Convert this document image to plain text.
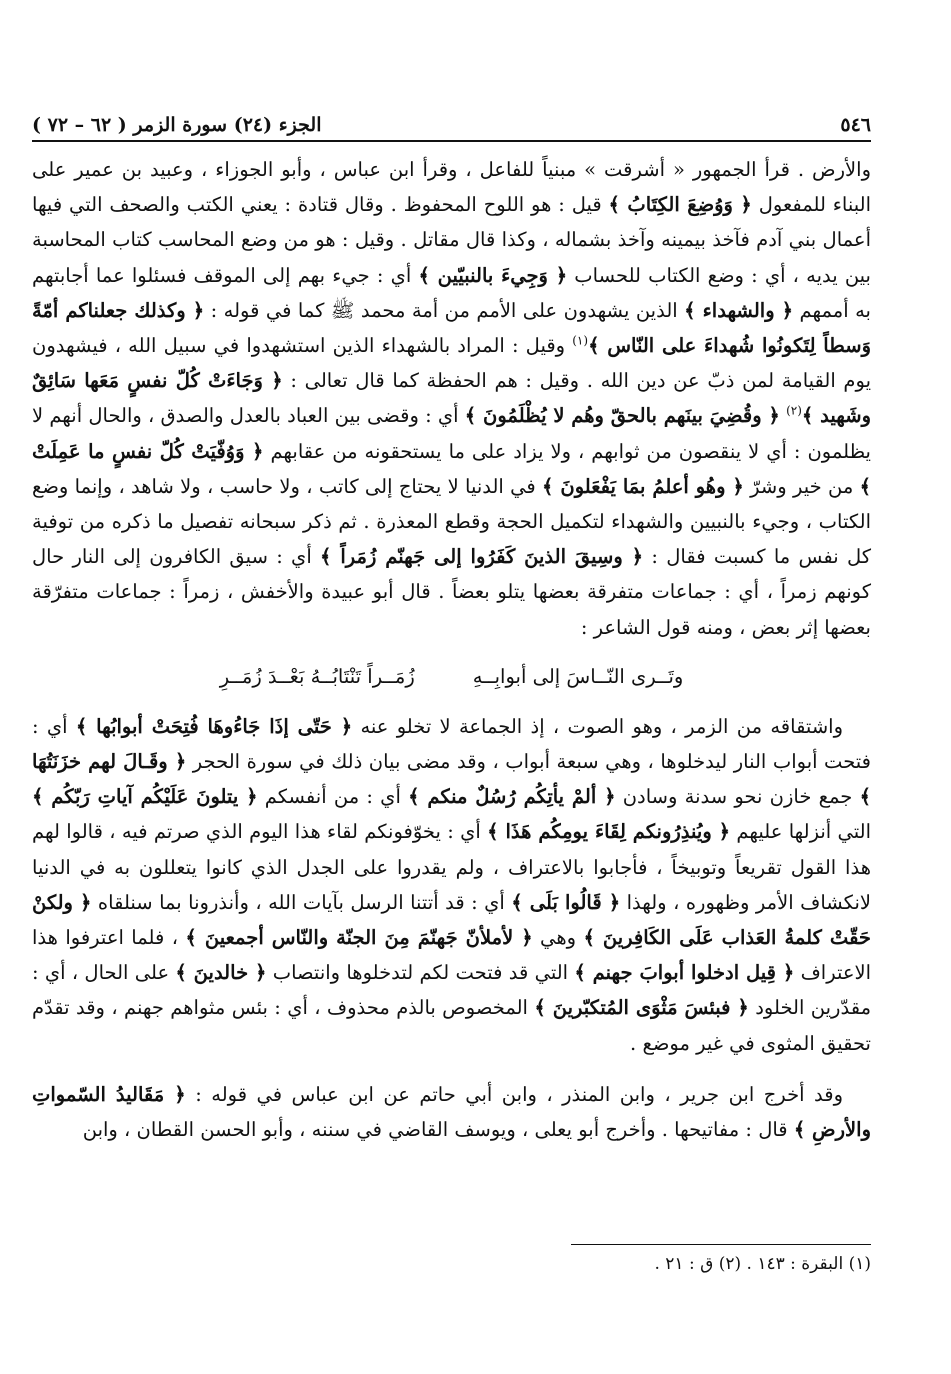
٥٤٦
الجزء (٢٤) سورة الزمر ( ٦٢ – ٧٢ )

والأرض . قرأ الجمهور « أشرقت » مبنياً للفاعل ، وقرأ ابن عباس ، وأبو الجوزاء ، وعبيد بن عمير على البناء للمفعول ﴿ وَوُضِعَ الكِتَابُ ﴾ قيل : هو اللوح المحفوظ . وقال قتادة : يعني الكتب والصحف التي فيها أعمال بني آدم فآخذ بيمينه وآخذ بشماله ، وكذا قال مقاتل . وقيل : هو من وضع المحاسب كتاب المحاسبة بين يديه ، أي : وضع الكتاب للحساب ﴿ وَجِيءَ بالنبيّين ﴾ أي : جيء بهم إلى الموقف فسئلوا عما أجابتهم به أممهم ﴿ والشهداء ﴾ الذين يشهدون على الأمم من أمة محمد ﷺ كما في قوله : ﴿ وكذلك جعلناكم أمّةً وَسطاً لِتَكونُوا شُهداءَ على النّاس ﴾$^{(١)}$ وقيل : المراد بالشهداء الذين استشهدوا في سبيل الله ، فيشهدون يوم القيامة لمن ذبّ عن دين الله . وقيل : هم الحفظة كما قال تعالى : ﴿ وَجَاءَتْ كُلّ نفسٍ مَعَها سَائِقٌ وشَهيد ﴾$^{(٢)}$ ﴿ وقُضِيَ بينَهم بالحقّ وهُم لا يُظْلَمُونَ ﴾ أي : وقضى بين العباد بالعدل والصدق ، والحال أنهم لا يظلمون : أي لا ينقصون من ثوابهم ، ولا يزاد على ما يستحقونه من عقابهم ﴿ وَوُفّيَتْ كُلّ نفسٍ ما عَمِلَتْ ﴾ من خير وشرّ ﴿ وهُو أعلمُ بمَا يَفْعَلونَ ﴾ في الدنيا لا يحتاج إلى كاتب ، ولا حاسب ، ولا شاهد ، وإنما وضع الكتاب ، وجيء بالنبيين والشهداء لتكميل الحجة وقطع المعذرة . ثم ذكر سبحانه تفصيل ما ذكره من توفية كل نفس ما كسبت فقال : ﴿ وسِيقَ الذينَ كَفَرُوا إلى جَهنّم زُمَراً ﴾ أي : سيق الكافرون إلى النار حال كونهم زمراً ، أي : جماعات متفرقة بعضها يتلو بعضاً . قال أبو عبيدة والأخفش ، زمراً : جماعات متفرّقة بعضها إثر بعض ، ومنه قول الشاعر :

وتَــرى النّــاسَ إلى أبوابِــهِ
زُمَــراً تَنْتَابُــهُ بَعْــدَ زُمَــرِ

واشتقاقه من الزمر ، وهو الصوت ، إذ الجماعة لا تخلو عنه ﴿ حَتّى إذَا جَاءُوهَا فُتِحَتْ أبوابُها ﴾ أي : فتحت أبواب النار ليدخلوها ، وهي سبعة أبواب ، وقد مضى بيان ذلك في سورة الحجر ﴿ وقَـالَ لهم خزَنَتُهَا ﴾ جمع خازن نحو سدنة وسادن ﴿ ألمْ يأتِكُم رُسُلٌ منكم ﴾ أي : من أنفسكم ﴿ يتلونَ عَلَيْكُم آياتِ رَبّكُم ﴾ التي أنزلها عليهم ﴿ ويُنذِرُونكم لِقَاءَ يومِكُم هَذَا ﴾ أي : يخوّفونكم لقاء هذا اليوم الذي صرتم فيه ، قالوا لهم هذا القول تقريعاً وتوبيخاً ، فأجابوا بالاعتراف ، ولم يقدروا على الجدل الذي كانوا يتعللون به في الدنيا لانكشاف الأمر وظهوره ، ولهذا ﴿ قَالُوا بَلَى ﴾ أي : قد أتتنا الرسل بآيات الله ، وأنذرونا بما سنلقاه ﴿ ولكنْ حَقّتْ كلمةُ العَذاب عَلَى الكَافِرينَ ﴾ وهي ﴿ لأملأنّ جَهنّمَ مِنَ الجنّة والنّاس أجمعينَ ﴾ ، فلما اعترفوا هذا الاعتراف ﴿ قِيل ادخلوا أبوابَ جهنم ﴾ التي قد فتحت لكم لتدخلوها وانتصاب ﴿ خالدينَ ﴾ على الحال ، أي : مقدّرين الخلود ﴿ فبئسَ مَثْوَى المُتكبّرينَ ﴾ المخصوص بالذم محذوف ، أي : بئس مثواهم جهنم ، وقد تقدّم تحقيق المثوى في غير موضع .

وقد أخرج ابن جرير ، وابن المنذر ، وابن أبي حاتم عن ابن عباس في قوله : ﴿ مَقَاليدُ السّمواتِ والأرضِ ﴾ قال : مفاتيحها . وأخرج أبو يعلى ، ويوسف القاضي في سننه ، وأبو الحسن القطان ، وابن

(١) البقرة : ١٤٣ . (٢) ق : ٢١ .
